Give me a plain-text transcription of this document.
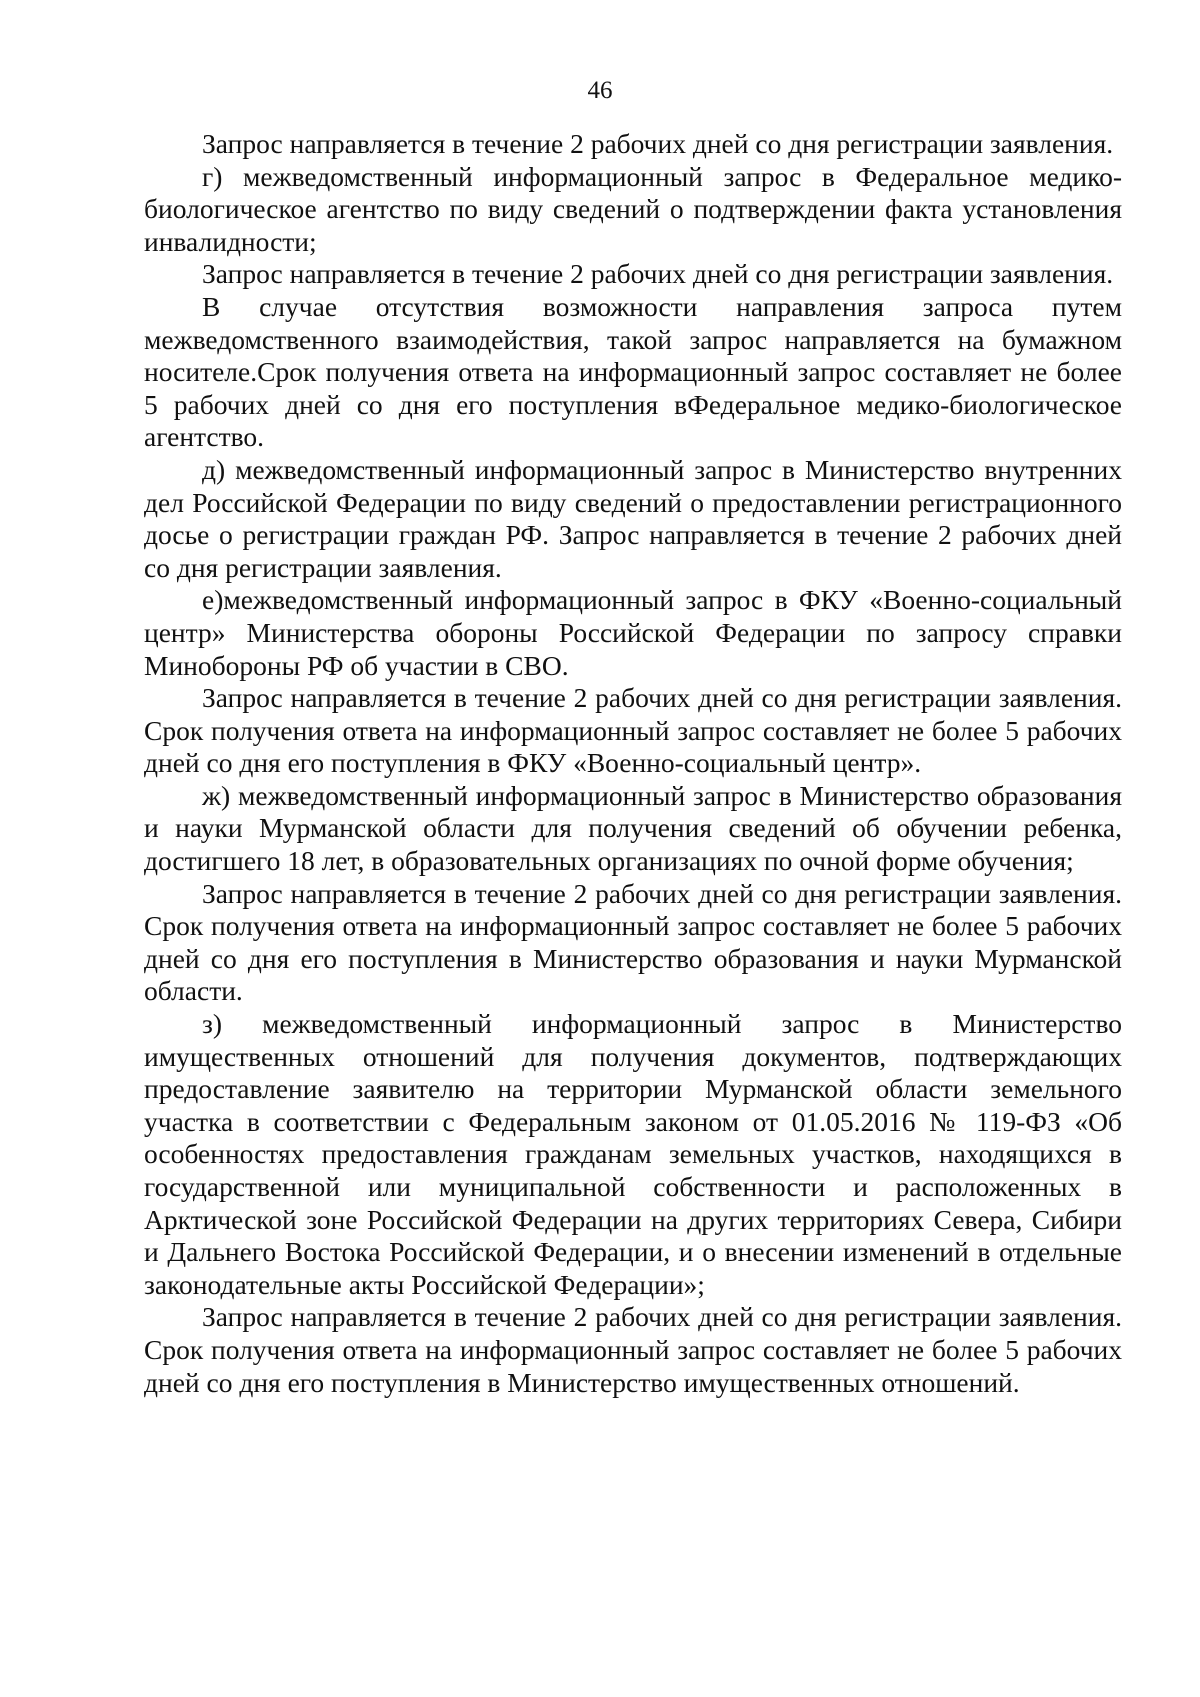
46

Запрос направляется в течение 2 рабочих дней со дня регистрации заявления.

г) межведомственный информационный запрос в Федеральное медико-биологическое агентство по виду сведений о подтверждении факта установления инвалидности;

Запрос направляется в течение 2 рабочих дней со дня регистрации заявления.

В случае отсутствия возможности направления запроса путем межведомственного взаимодействия, такой запрос направляется на бумажном носителе.Срок получения ответа на информационный запрос составляет не более 5 рабочих дней со дня его поступления вФедеральное медико-биологическое агентство.

д) межведомственный информационный запрос в Министерство внутренних дел Российской Федерации по виду сведений о предоставлении регистрационного досье о регистрации граждан РФ. Запрос направляется в течение 2 рабочих дней со дня регистрации заявления.

е)межведомственный информационный запрос в ФКУ «Военно-социальный центр» Министерства обороны Российской Федерации по запросу справки Минобороны РФ об участии в СВО.

Запрос направляется в течение 2 рабочих дней со дня регистрации заявления. Срок получения ответа на информационный запрос составляет не более 5 рабочих дней со дня его поступления в ФКУ «Военно-социальный центр».

ж) межведомственный информационный запрос в Министерство образования и науки Мурманской области для получения сведений об обучении ребенка, достигшего 18 лет, в образовательных организациях по очной форме обучения;

Запрос направляется в течение 2 рабочих дней со дня регистрации заявления. Срок получения ответа на информационный запрос составляет не более 5 рабочих дней со дня его поступления в Министерство образования и науки Мурманской области.

з) межведомственный информационный запрос в Министерство имущественных отношений для получения документов, подтверждающих предоставление заявителю на территории Мурманской области земельного участка в соответствии с Федеральным законом от 01.05.2016 № 119-ФЗ «Об особенностях предоставления гражданам земельных участков, находящихся в государственной или муниципальной собственности и расположенных в Арктической зоне Российской Федерации на других территориях Севера, Сибири и Дальнего Востока Российской Федерации, и о внесении изменений в отдельные законодательные акты Российской Федерации»;

Запрос направляется в течение 2 рабочих дней со дня регистрации заявления. Срок получения ответа на информационный запрос составляет не более 5 рабочих дней со дня его поступления в Министерство имущественных отношений.
